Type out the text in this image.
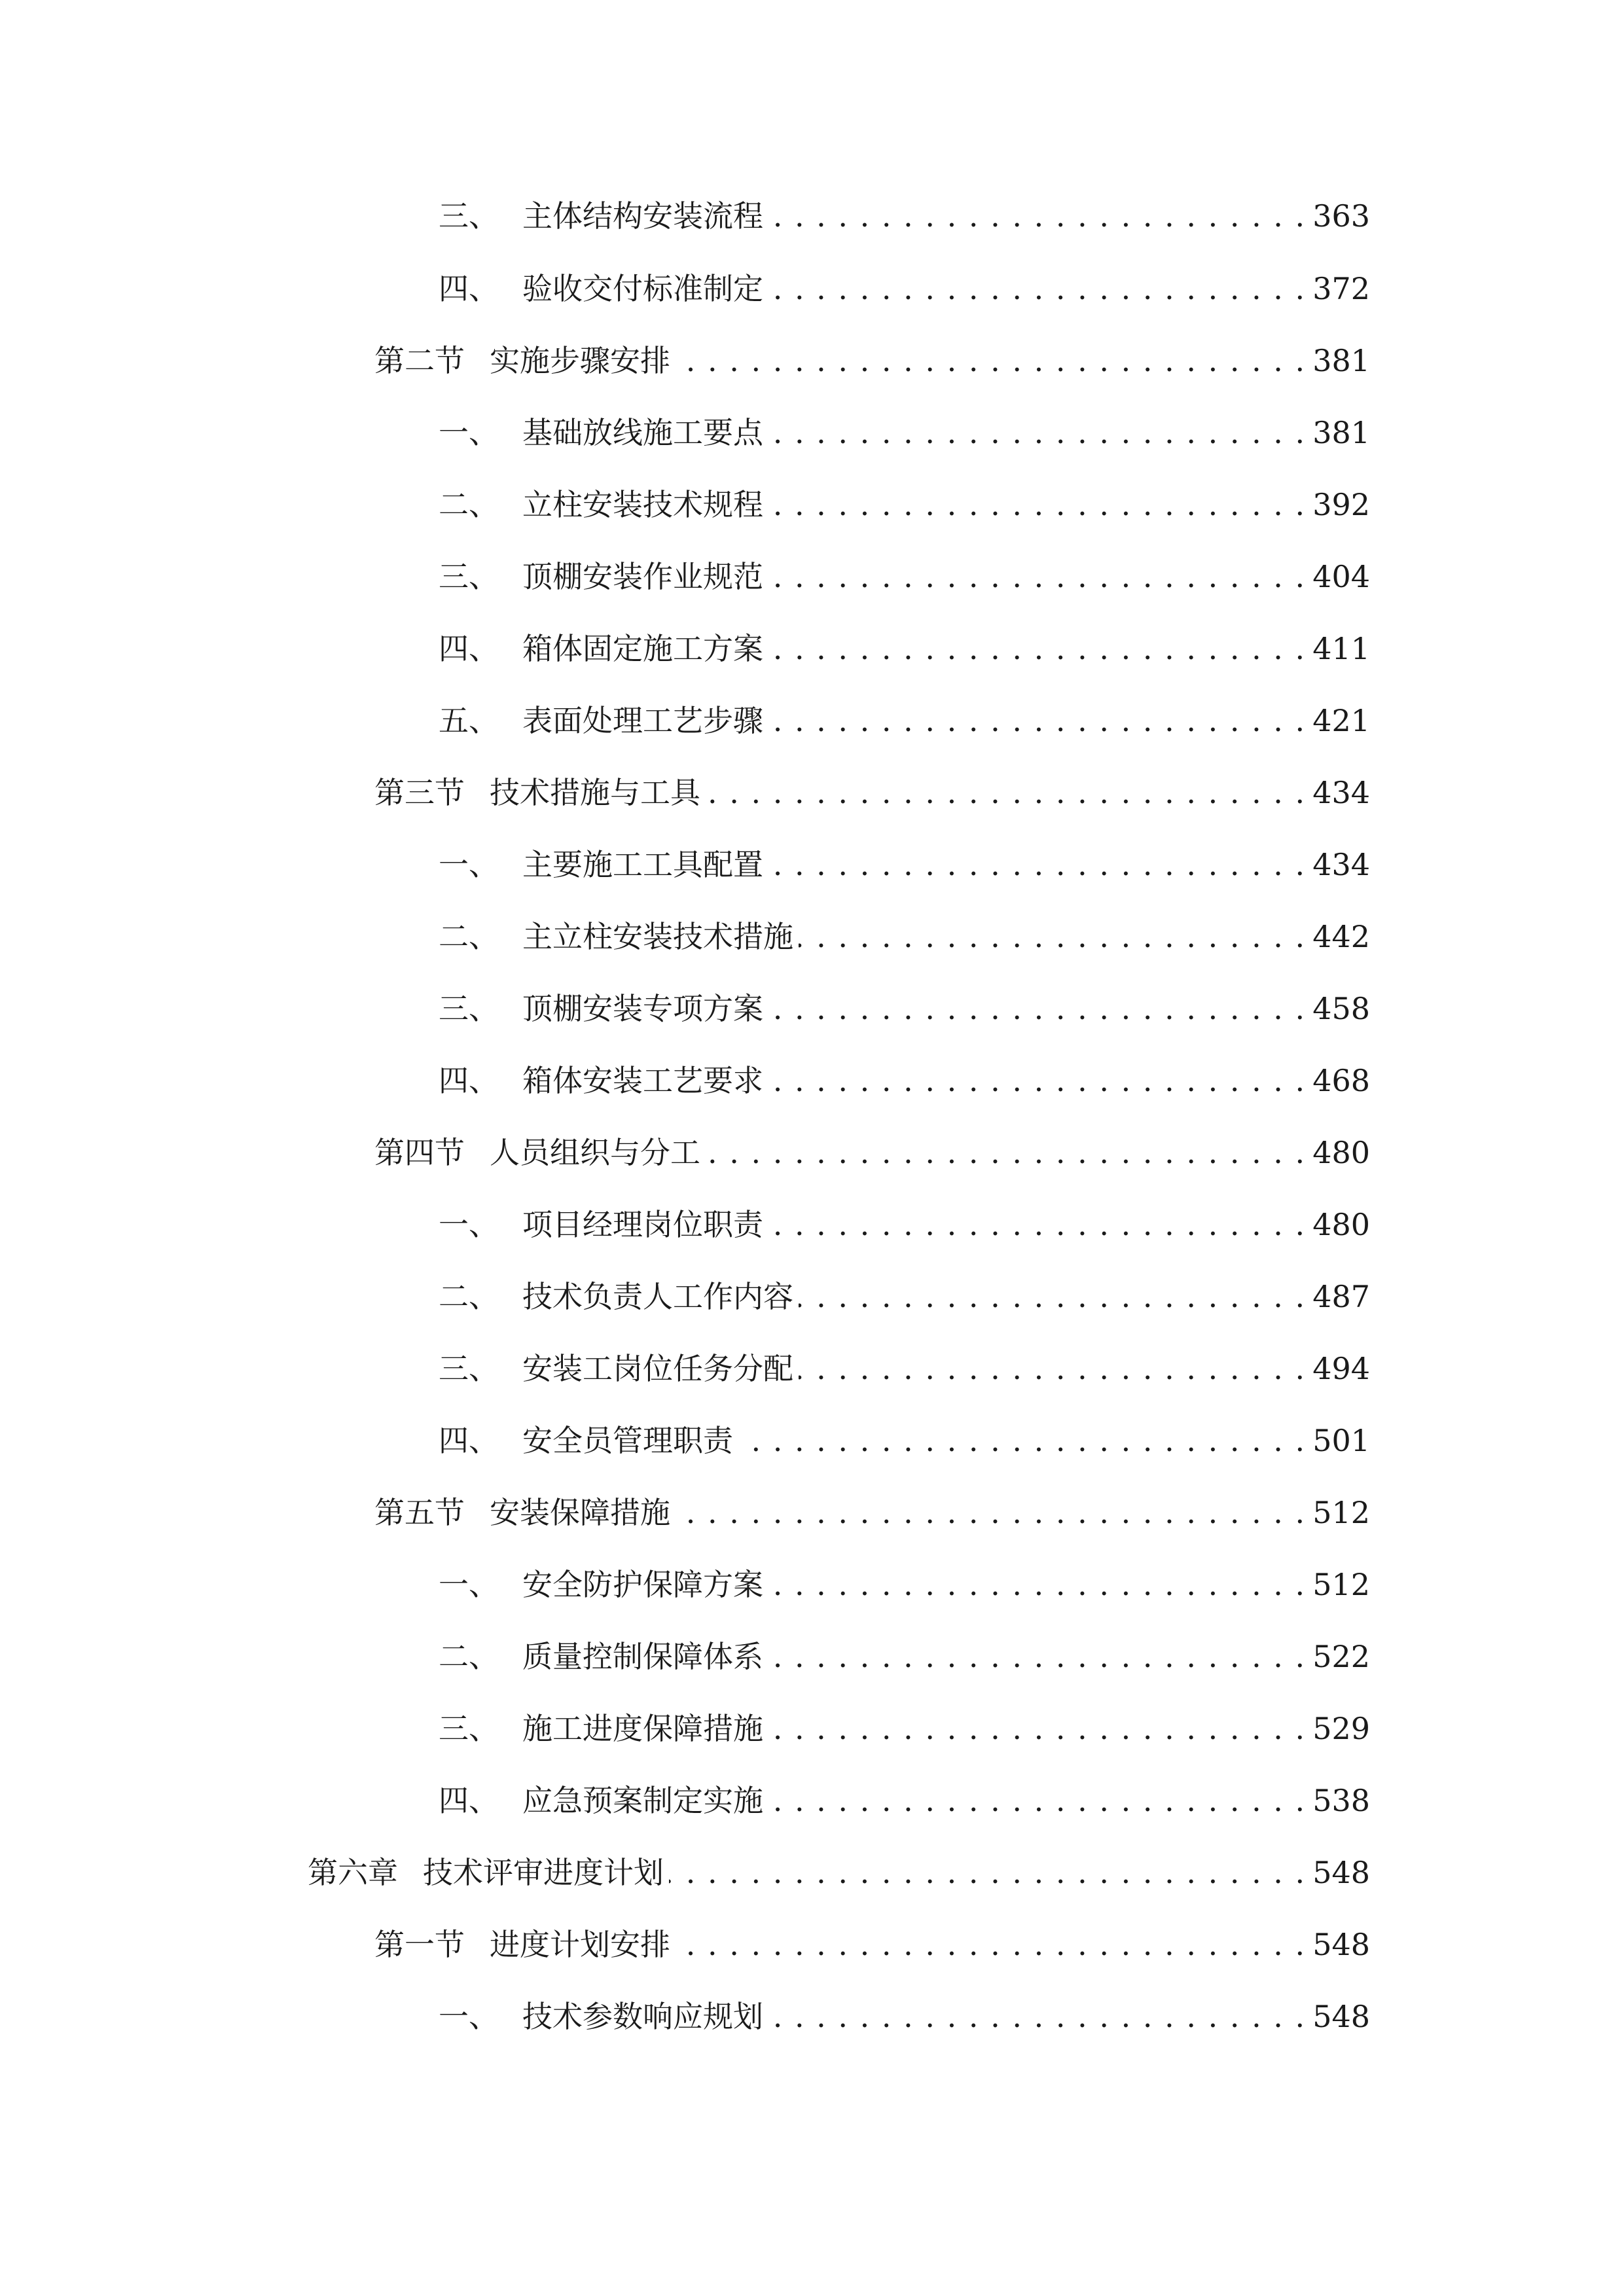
三、 主体结构安装流程 . . .	363
四、 验收交付标准制定 . . .	372
第二节 实施步骤安排 . . .	381
一、 基础放线施工要点 . . .	381
二、 立柱安装技术规程 . . .	392
三、 顶棚安装作业规范 . . .	404
四、 箱体固定施工方案 . . .	411
五、 表面处理工艺步骤 . . .	421
第三节 技术措施与工具 . . .	434
一、 主要施工工具配置 . . .	434
二、 主立柱安装技术措施 . . .	442
三、 顶棚安装专项方案 . . .	458
四、 箱体安装工艺要求 . . .	468
第四节 人员组织与分工 . . .	480
一、 项目经理岗位职责 . . .	480
二、 技术负责人工作内容 . . .	487
三、 安装工岗位任务分配 . . .	494
四、 安全员管理职责 . . .	501
第五节 安装保障措施 . . .	512
一、 安全防护保障方案 . . .	512
二、 质量控制保障体系 . . .	522
三、 施工进度保障措施 . . .	529
四、 应急预案制定实施 . . .	538
第六章 技术评审进度计划 . . .	548
第一节 进度计划安排 . . .	548
一、 技术参数响应规划 . . .	548
